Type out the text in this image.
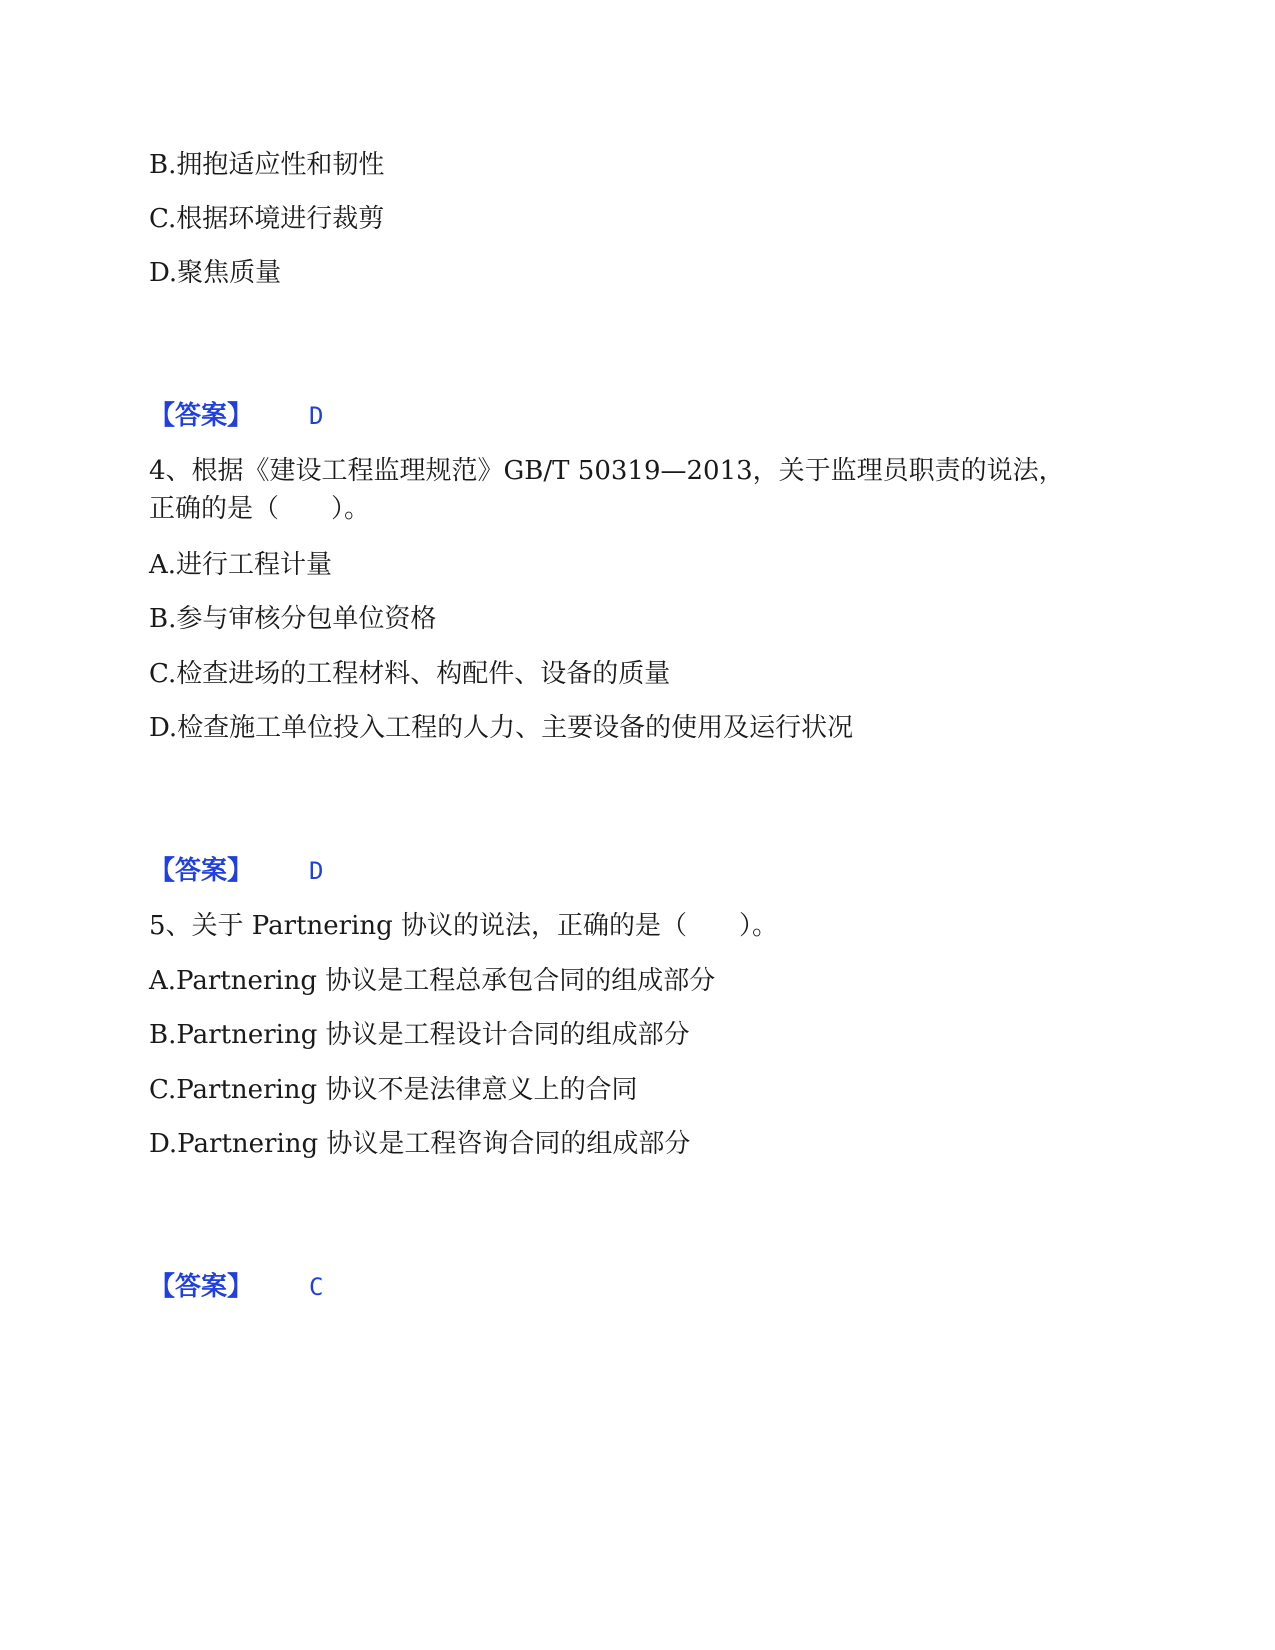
B.拥抱适应性和韧性
C.根据环境进行裁剪
D.聚焦质量
【答案】 D
4、根据《建设工程监理规范》GB/T 50319—2013，关于监理员职责的说法，
正确的是（　　）。
A.进行工程计量
B.参与审核分包单位资格
C.检查进场的工程材料、构配件、设备的质量
D.检查施工单位投入工程的人力、主要设备的使用及运行状况
【答案】 D
5、关于 Partnering 协议的说法，正确的是（　　）。
A.Partnering 协议是工程总承包合同的组成部分
B.Partnering 协议是工程设计合同的组成部分
C.Partnering 协议不是法律意义上的合同
D.Partnering 协议是工程咨询合同的组成部分
【答案】 C
